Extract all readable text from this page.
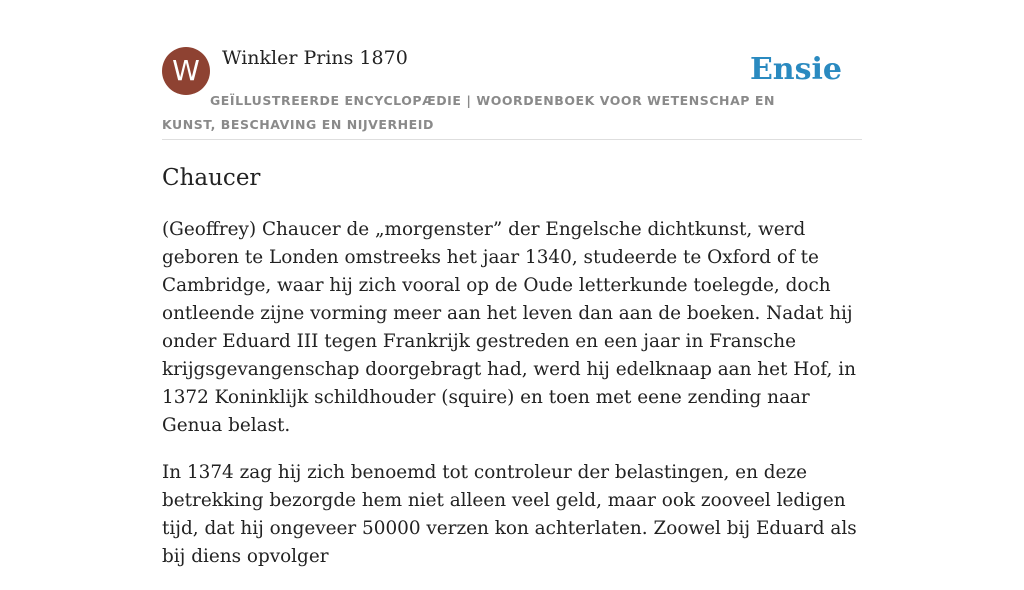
W	Winkler Prins 1870	Ensie
GEÏLLUSTREERDE ENCYCLOPÆDIE | WOORDENBOEK VOOR WETENSCHAP EN KUNST, BESCHAVING EN NIJVERHEID
Chaucer

(Geoffrey) Chaucer de „morgenster” der Engelsche dichtkunst, werd geboren te Londen omstreeks het jaar 1340, studeerde te Oxford of te Cambridge, waar hij zich vooral op de Oude letterkunde toelegde, doch ontleende zijne vorming meer aan het leven dan aan de boeken. Nadat hij onder Eduard III tegen Frankrijk gestreden en een jaar in Fransche krijgsgevangenschap doorgebragt had, werd hij edelknaap aan het Hof, in 1372 Koninklijk schildhouder (squire) en toen met eene zending naar Genua belast.

In 1374 zag hij zich benoemd tot controleur der belastingen, en deze betrekking bezorgde hem niet alleen veel geld, maar ook zooveel ledigen tijd, dat hij ongeveer 50000 verzen kon achterlaten. Zoowel bij Eduard als bij diens opvolger
